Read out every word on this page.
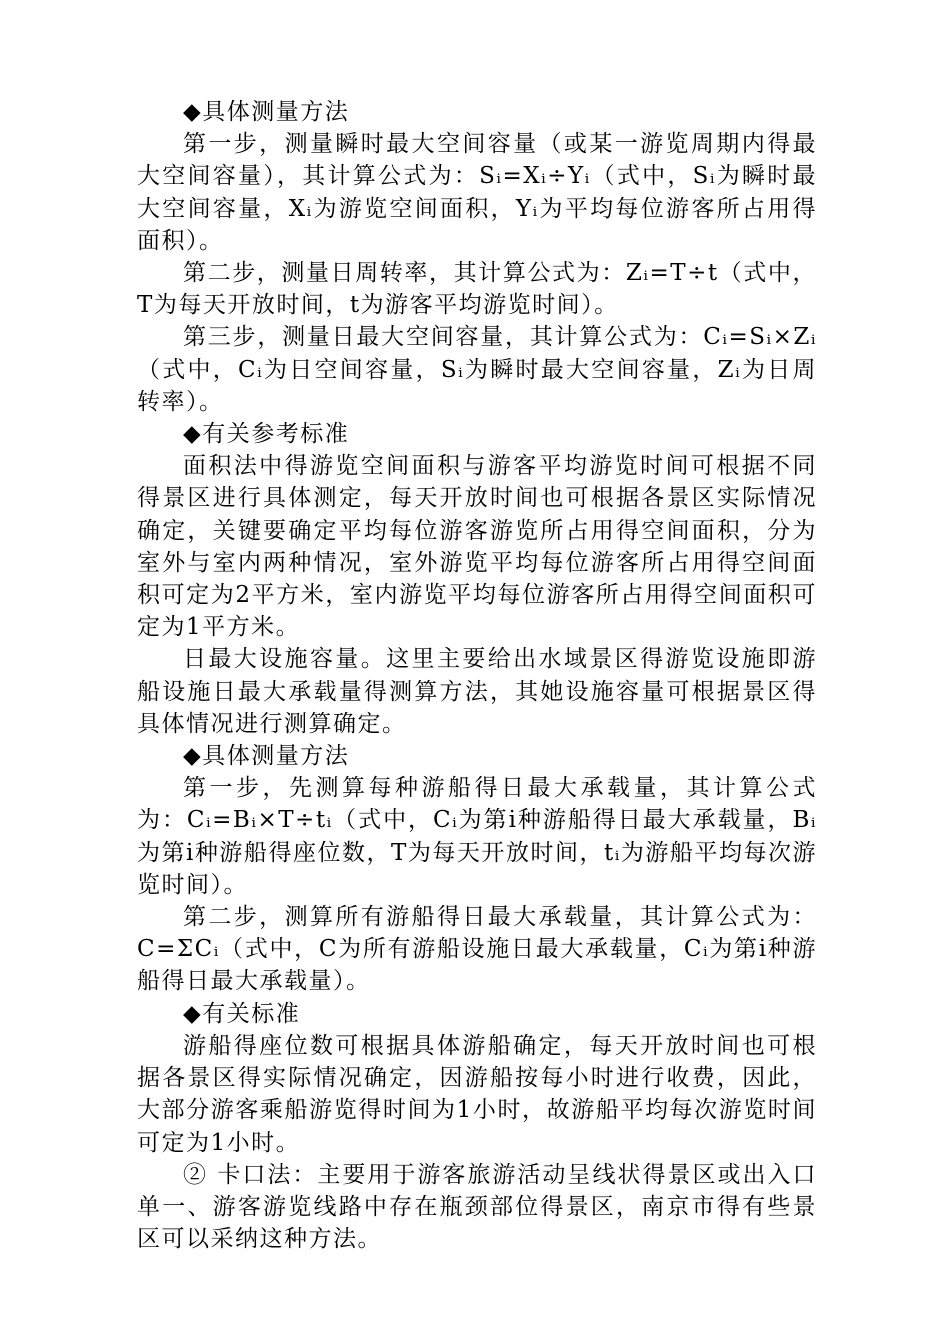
◆具体测量方法

第一步，测量瞬时最大空间容量（或某一游览周期内得最大空间容量），其计算公式为：Sᵢ=Xᵢ÷Yᵢ（式中，Sᵢ为瞬时最大空间容量，Xᵢ为游览空间面积，Yᵢ为平均每位游客所占用得面积）。

第二步，测量日周转率，其计算公式为：Zᵢ=T÷t（式中，T为每天开放时间，t为游客平均游览时间）。

第三步，测量日最大空间容量，其计算公式为：Cᵢ=Sᵢ×Zᵢ（式中，Cᵢ为日空间容量，Sᵢ为瞬时最大空间容量，Zᵢ为日周转率）。

◆有关参考标准

面积法中得游览空间面积与游客平均游览时间可根据不同得景区进行具体测定，每天开放时间也可根据各景区实际情况确定，关键要确定平均每位游客游览所占用得空间面积，分为室外与室内两种情况，室外游览平均每位游客所占用得空间面积可定为2平方米，室内游览平均每位游客所占用得空间面积可定为1平方米。

日最大设施容量。这里主要给出水域景区得游览设施即游船设施日最大承载量得测算方法，其她设施容量可根据景区得具体情况进行测算确定。

◆具体测量方法

第一步，先测算每种游船得日最大承载量，其计算公式为：Cᵢ=Bᵢ×T÷tᵢ（式中，Cᵢ为第i种游船得日最大承载量，Bᵢ为第i种游船得座位数，T为每天开放时间，tᵢ为游船平均每次游览时间）。

第二步，测算所有游船得日最大承载量，其计算公式为：C=ΣCᵢ（式中，C为所有游船设施日最大承载量，Cᵢ为第i种游船得日最大承载量）。

◆有关标准

游船得座位数可根据具体游船确定，每天开放时间也可根据各景区得实际情况确定，因游船按每小时进行收费，因此，大部分游客乘船游览得时间为1小时，故游船平均每次游览时间可定为1小时。

② 卡口法：主要用于游客旅游活动呈线状得景区或出入口单一、游客游览线路中存在瓶颈部位得景区，南京市得有些景区可以采纳这种方法。
